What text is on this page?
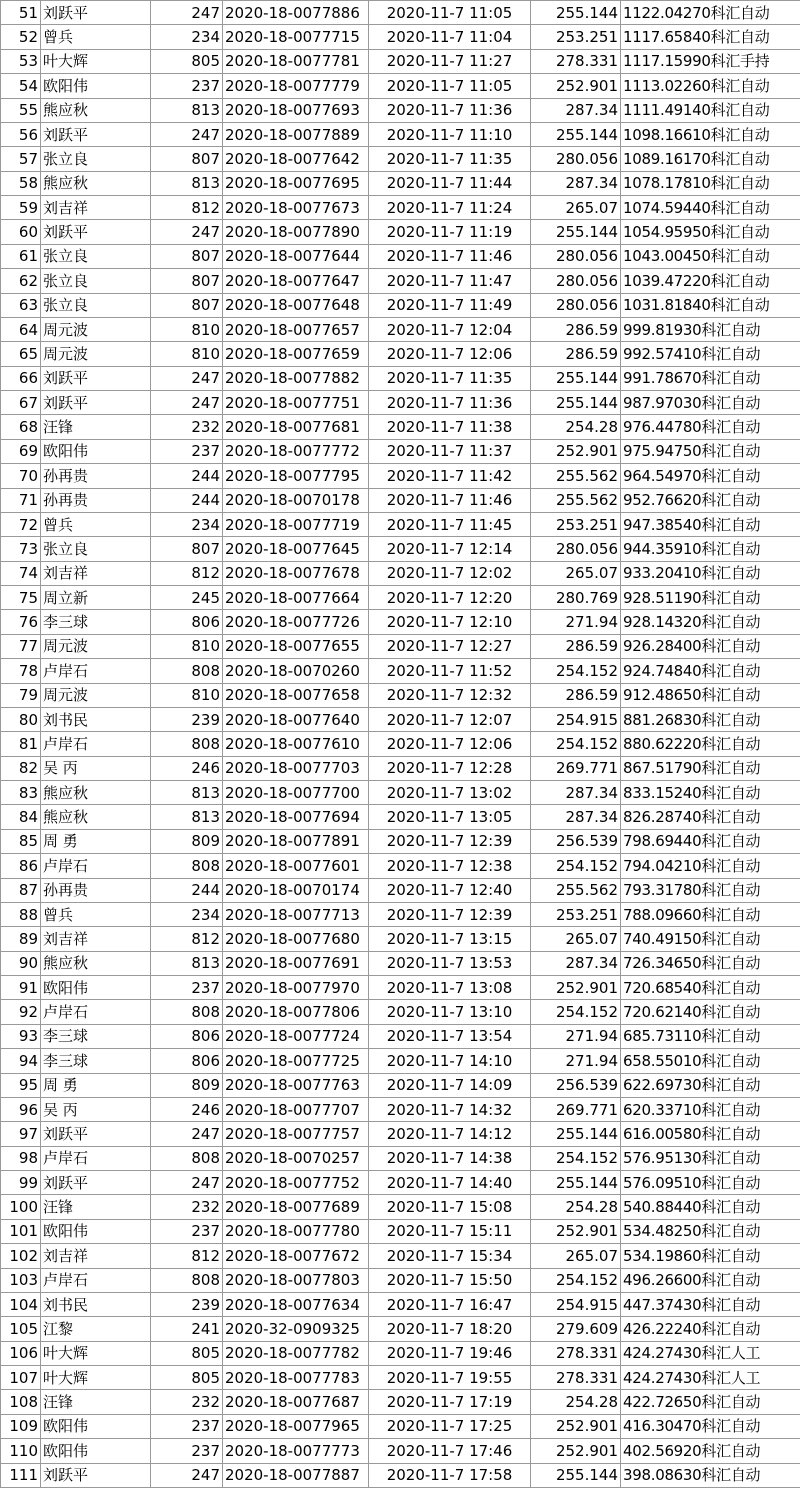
51	刘跃平	247	2020-18-0077886	2020-11-7 11:05	255.144	1122.04270科汇自动
52	曾兵	234	2020-18-0077715	2020-11-7 11:04	253.251	1117.65840科汇自动
53	叶大辉	805	2020-18-0077781	2020-11-7 11:27	278.331	1117.15990科汇手持
54	欧阳伟	237	2020-18-0077779	2020-11-7 11:05	252.901	1113.02260科汇自动
55	熊应秋	813	2020-18-0077693	2020-11-7 11:36	287.34	1111.49140科汇自动
56	刘跃平	247	2020-18-0077889	2020-11-7 11:10	255.144	1098.16610科汇自动
57	张立良	807	2020-18-0077642	2020-11-7 11:35	280.056	1089.16170科汇自动
58	熊应秋	813	2020-18-0077695	2020-11-7 11:44	287.34	1078.17810科汇自动
59	刘吉祥	812	2020-18-0077673	2020-11-7 11:24	265.07	1074.59440科汇自动
60	刘跃平	247	2020-18-0077890	2020-11-7 11:19	255.144	1054.95950科汇自动
61	张立良	807	2020-18-0077644	2020-11-7 11:46	280.056	1043.00450科汇自动
62	张立良	807	2020-18-0077647	2020-11-7 11:47	280.056	1039.47220科汇自动
63	张立良	807	2020-18-0077648	2020-11-7 11:49	280.056	1031.81840科汇自动
64	周元波	810	2020-18-0077657	2020-11-7 12:04	286.59	999.81930科汇自动
65	周元波	810	2020-18-0077659	2020-11-7 12:06	286.59	992.57410科汇自动
66	刘跃平	247	2020-18-0077882	2020-11-7 11:35	255.144	991.78670科汇自动
67	刘跃平	247	2020-18-0077751	2020-11-7 11:36	255.144	987.97030科汇自动
68	汪锋	232	2020-18-0077681	2020-11-7 11:38	254.28	976.44780科汇自动
69	欧阳伟	237	2020-18-0077772	2020-11-7 11:37	252.901	975.94750科汇自动
70	孙再贵	244	2020-18-0077795	2020-11-7 11:42	255.562	964.54970科汇自动
71	孙再贵	244	2020-18-0070178	2020-11-7 11:46	255.562	952.76620科汇自动
72	曾兵	234	2020-18-0077719	2020-11-7 11:45	253.251	947.38540科汇自动
73	张立良	807	2020-18-0077645	2020-11-7 12:14	280.056	944.35910科汇自动
74	刘吉祥	812	2020-18-0077678	2020-11-7 12:02	265.07	933.20410科汇自动
75	周立新	245	2020-18-0077664	2020-11-7 12:20	280.769	928.51190科汇自动
76	李三球	806	2020-18-0077726	2020-11-7 12:10	271.94	928.14320科汇自动
77	周元波	810	2020-18-0077655	2020-11-7 12:27	286.59	926.28400科汇自动
78	卢岸石	808	2020-18-0070260	2020-11-7 11:52	254.152	924.74840科汇自动
79	周元波	810	2020-18-0077658	2020-11-7 12:32	286.59	912.48650科汇自动
80	刘书民	239	2020-18-0077640	2020-11-7 12:07	254.915	881.26830科汇自动
81	卢岸石	808	2020-18-0077610	2020-11-7 12:06	254.152	880.62220科汇自动
82	吴 丙	246	2020-18-0077703	2020-11-7 12:28	269.771	867.51790科汇自动
83	熊应秋	813	2020-18-0077700	2020-11-7 13:02	287.34	833.15240科汇自动
84	熊应秋	813	2020-18-0077694	2020-11-7 13:05	287.34	826.28740科汇自动
85	周 勇	809	2020-18-0077891	2020-11-7 12:39	256.539	798.69440科汇自动
86	卢岸石	808	2020-18-0077601	2020-11-7 12:38	254.152	794.04210科汇自动
87	孙再贵	244	2020-18-0070174	2020-11-7 12:40	255.562	793.31780科汇自动
88	曾兵	234	2020-18-0077713	2020-11-7 12:39	253.251	788.09660科汇自动
89	刘吉祥	812	2020-18-0077680	2020-11-7 13:15	265.07	740.49150科汇自动
90	熊应秋	813	2020-18-0077691	2020-11-7 13:53	287.34	726.34650科汇自动
91	欧阳伟	237	2020-18-0077970	2020-11-7 13:08	252.901	720.68540科汇自动
92	卢岸石	808	2020-18-0077806	2020-11-7 13:10	254.152	720.62140科汇自动
93	李三球	806	2020-18-0077724	2020-11-7 13:54	271.94	685.73110科汇自动
94	李三球	806	2020-18-0077725	2020-11-7 14:10	271.94	658.55010科汇自动
95	周 勇	809	2020-18-0077763	2020-11-7 14:09	256.539	622.69730科汇自动
96	吴 丙	246	2020-18-0077707	2020-11-7 14:32	269.771	620.33710科汇自动
97	刘跃平	247	2020-18-0077757	2020-11-7 14:12	255.144	616.00580科汇自动
98	卢岸石	808	2020-18-0070257	2020-11-7 14:38	254.152	576.95130科汇自动
99	刘跃平	247	2020-18-0077752	2020-11-7 14:40	255.144	576.09510科汇自动
100	汪锋	232	2020-18-0077689	2020-11-7 15:08	254.28	540.88440科汇自动
101	欧阳伟	237	2020-18-0077780	2020-11-7 15:11	252.901	534.48250科汇自动
102	刘吉祥	812	2020-18-0077672	2020-11-7 15:34	265.07	534.19860科汇自动
103	卢岸石	808	2020-18-0077803	2020-11-7 15:50	254.152	496.26600科汇自动
104	刘书民	239	2020-18-0077634	2020-11-7 16:47	254.915	447.37430科汇自动
105	江黎	241	2020-32-0909325	2020-11-7 18:20	279.609	426.22240科汇自动
106	叶大辉	805	2020-18-0077782	2020-11-7 19:46	278.331	424.27430科汇人工
107	叶大辉	805	2020-18-0077783	2020-11-7 19:55	278.331	424.27430科汇人工
108	汪锋	232	2020-18-0077687	2020-11-7 17:19	254.28	422.72650科汇自动
109	欧阳伟	237	2020-18-0077965	2020-11-7 17:25	252.901	416.30470科汇自动
110	欧阳伟	237	2020-18-0077773	2020-11-7 17:46	252.901	402.56920科汇自动
111	刘跃平	247	2020-18-0077887	2020-11-7 17:58	255.144	398.08630科汇自动
